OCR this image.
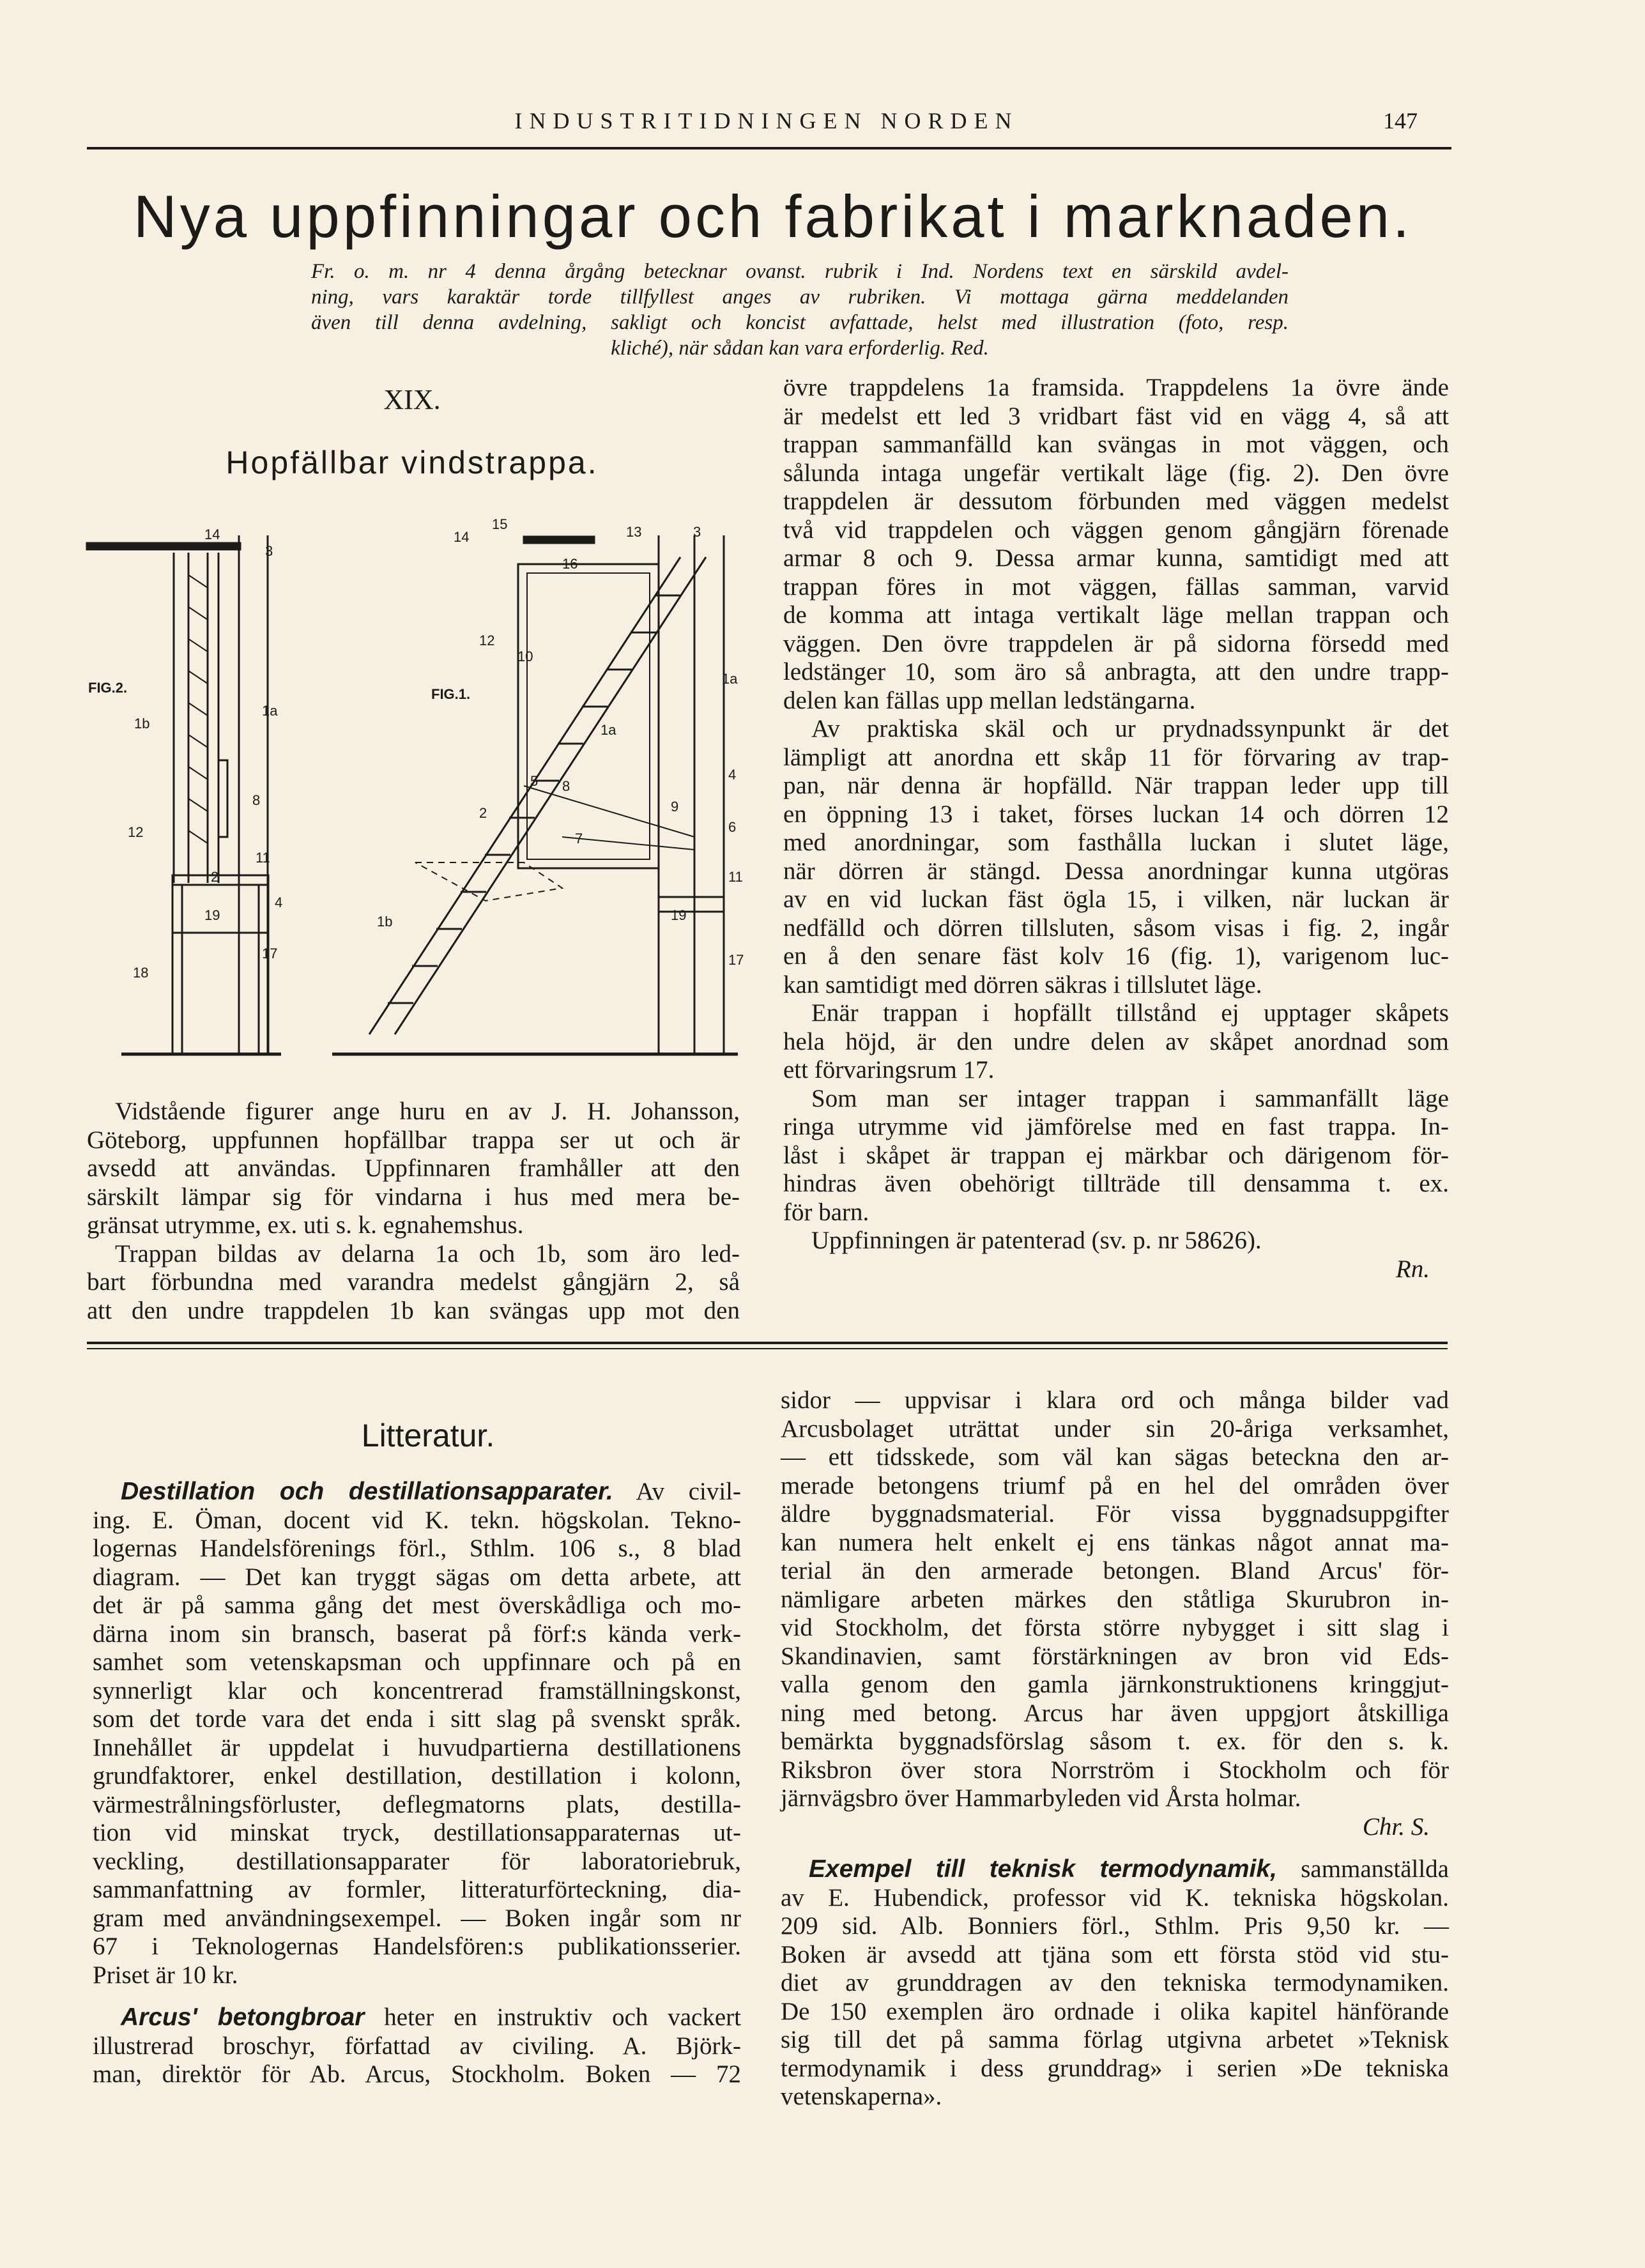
INDUSTRITIDNINGEN NORDEN	147
Nya uppfinningar och fabrikat i marknaden.
Fr. o. m. nr 4 denna årgång betecknar ovanst. rubrik i Ind. Nordens text en särskild avdel-
ning, vars karaktär torde tillfyllest anges av rubriken. Vi mottaga gärna meddelanden
även till denna avdelning, sakligt och koncist avfattade, helst med illustration (foto, resp.
kliché), när sådan kan vara erforderlig. Red.
XIX.
Hopfällbar vindstrappa.
FIG.2.	FIG.1.
14
3
1a
1b
8
12
11
2
19
4
17
18
15
14	13	3
16
12
10
1a
1a
5 8
9
2
7
4
6
11
19
17
1b
Vidstående figurer ange huru en av J. H. Johansson,
Göteborg, uppfunnen hopfällbar trappa ser ut och är
avsedd att användas. Uppfinnaren framhåller att den
särskilt lämpar sig för vindarna i hus med mera be-
gränsat utrymme, ex. uti s. k. egnahemshus.
Trappan bildas av delarna 1a och 1b, som äro led-
bart förbundna med varandra medelst gångjärn 2, så
att den undre trappdelen 1b kan svängas upp mot den
övre trappdelens 1a framsida. Trappdelens 1a övre ände
är medelst ett led 3 vridbart fäst vid en vägg 4, så att
trappan sammanfälld kan svängas in mot väggen, och
sålunda intaga ungefär vertikalt läge (fig. 2). Den övre
trappdelen är dessutom förbunden med väggen medelst
två vid trappdelen och väggen genom gångjärn förenade
armar 8 och 9. Dessa armar kunna, samtidigt med att
trappan föres in mot väggen, fällas samman, varvid
de komma att intaga vertikalt läge mellan trappan och
väggen. Den övre trappdelen är på sidorna försedd med
ledstänger 10, som äro så anbragta, att den undre trapp-
delen kan fällas upp mellan ledstängarna.
Av praktiska skäl och ur prydnadssynpunkt är det
lämpligt att anordna ett skåp 11 för förvaring av trap-
pan, när denna är hopfälld. När trappan leder upp till
en öppning 13 i taket, förses luckan 14 och dörren 12
med anordningar, som fasthålla luckan i slutet läge,
när dörren är stängd. Dessa anordningar kunna utgöras
av en vid luckan fäst ögla 15, i vilken, när luckan är
nedfälld och dörren tillsluten, såsom visas i fig. 2, ingår
en å den senare fäst kolv 16 (fig. 1), varigenom luc-
kan samtidigt med dörren säkras i tillslutet läge.
Enär trappan i hopfällt tillstånd ej upptager skåpets
hela höjd, är den undre delen av skåpet anordnad som
ett förvaringsrum 17.
Som man ser intager trappan i sammanfällt läge
ringa utrymme vid jämförelse med en fast trappa. In-
låst i skåpet är trappan ej märkbar och därigenom för-
hindras även obehörigt tillträde till densamma t. ex.
för barn.
Uppfinningen är patenterad (sv. p. nr 58626).
Rn.
Litteratur.
Destillation och destillationsapparater. Av civil-
ing. E. Öman, docent vid K. tekn. högskolan. Tekno-
logernas Handelsförenings förl., Sthlm. 106 s., 8 blad
diagram. — Det kan tryggt sägas om detta arbete, att
det är på samma gång det mest överskådliga och mo-
därna inom sin bransch, baserat på förf:s kända verk-
samhet som vetenskapsman och uppfinnare och på en
synnerligt klar och koncentrerad framställningskonst,
som det torde vara det enda i sitt slag på svenskt språk.
Innehållet är uppdelat i huvudpartierna destillationens
grundfaktorer, enkel destillation, destillation i kolonn,
värmestrålningsförluster, deflegmatorns plats, destilla-
tion vid minskat tryck, destillationsapparaternas ut-
veckling, destillationsapparater för laboratoriebruk,
sammanfattning av formler, litteraturförteckning, dia-
gram med användningsexempel. — Boken ingår som nr
67 i Teknologernas Handelsfören:s publikationsserier.
Priset är 10 kr.
Arcus' betongbroar heter en instruktiv och vackert
illustrerad broschyr, författad av civiling. A. Björk-
man, direktör för Ab. Arcus, Stockholm. Boken — 72
sidor — uppvisar i klara ord och många bilder vad
Arcusbolaget uträttat under sin 20-åriga verksamhet,
— ett tidsskede, som väl kan sägas beteckna den ar-
merade betongens triumf på en hel del områden över
äldre byggnadsmaterial. För vissa byggnadsuppgifter
kan numera helt enkelt ej ens tänkas något annat ma-
terial än den armerade betongen. Bland Arcus' för-
nämligare arbeten märkes den ståtliga Skurubron in-
vid Stockholm, det första större nybygget i sitt slag i
Skandinavien, samt förstärkningen av bron vid Eds-
valla genom den gamla järnkonstruktionens kringgjut-
ning med betong. Arcus har även uppgjort åtskilliga
bemärkta byggnadsförslag såsom t. ex. för den s. k.
Riksbron över stora Norrström i Stockholm och för
järnvägsbro över Hammarbyleden vid Årsta holmar.
Chr. S.
Exempel till teknisk termodynamik, sammanställda
av E. Hubendick, professor vid K. tekniska högskolan.
209 sid. Alb. Bonniers förl., Sthlm. Pris 9,50 kr. —
Boken är avsedd att tjäna som ett första stöd vid stu-
diet av grunddragen av den tekniska termodynamiken.
De 150 exemplen äro ordnade i olika kapitel hänförande
sig till det på samma förlag utgivna arbetet »Teknisk
termodynamik i dess grunddrag» i serien »De tekniska
vetenskaperna».
